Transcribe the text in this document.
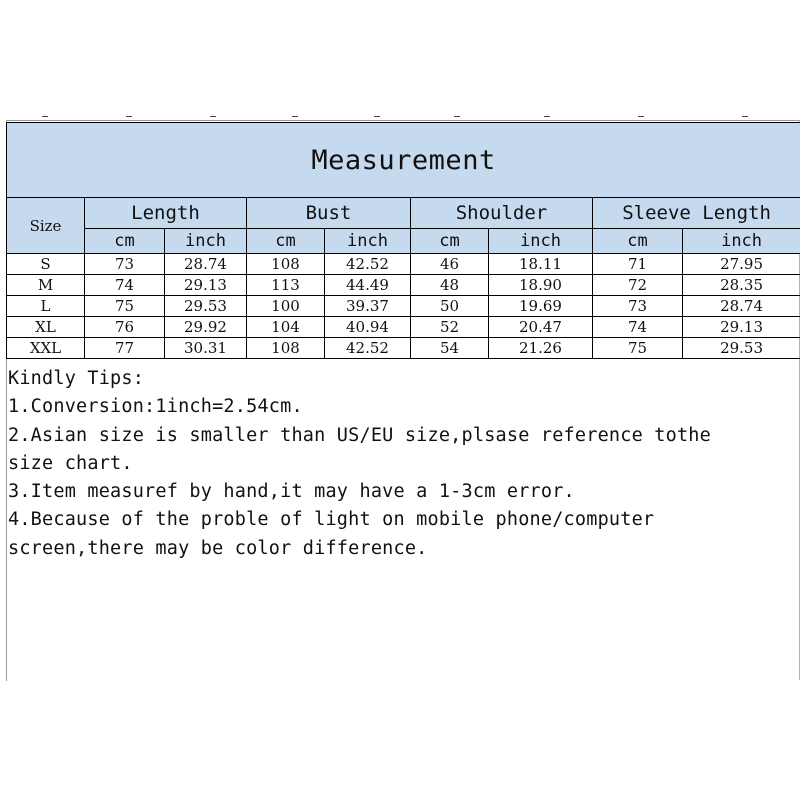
Measurement								
Size	Length		Bust		Shoulder		Sleeve Length	
	cm	inch	cm	inch	cm	inch	cm	inch
S	73	28.74	108	42.52	46	18.11	71	27.95
M	74	29.13	113	44.49	48	18.90	72	28.35
L	75	29.53	100	39.37	50	19.69	73	28.74
XL	76	29.92	104	40.94	52	20.47	74	29.13
XXL	77	30.31	108	42.52	54	21.26	75	29.53
Kindly Tips:
1.Conversion:1inch=2.54cm.
2.Asian size is smaller than US/EU size,plsase reference tothe
size chart.
3.Item measuref by hand,it may have a 1-3cm error.
4.Because of the proble of light on mobile phone/computer
screen,there may be color difference.
